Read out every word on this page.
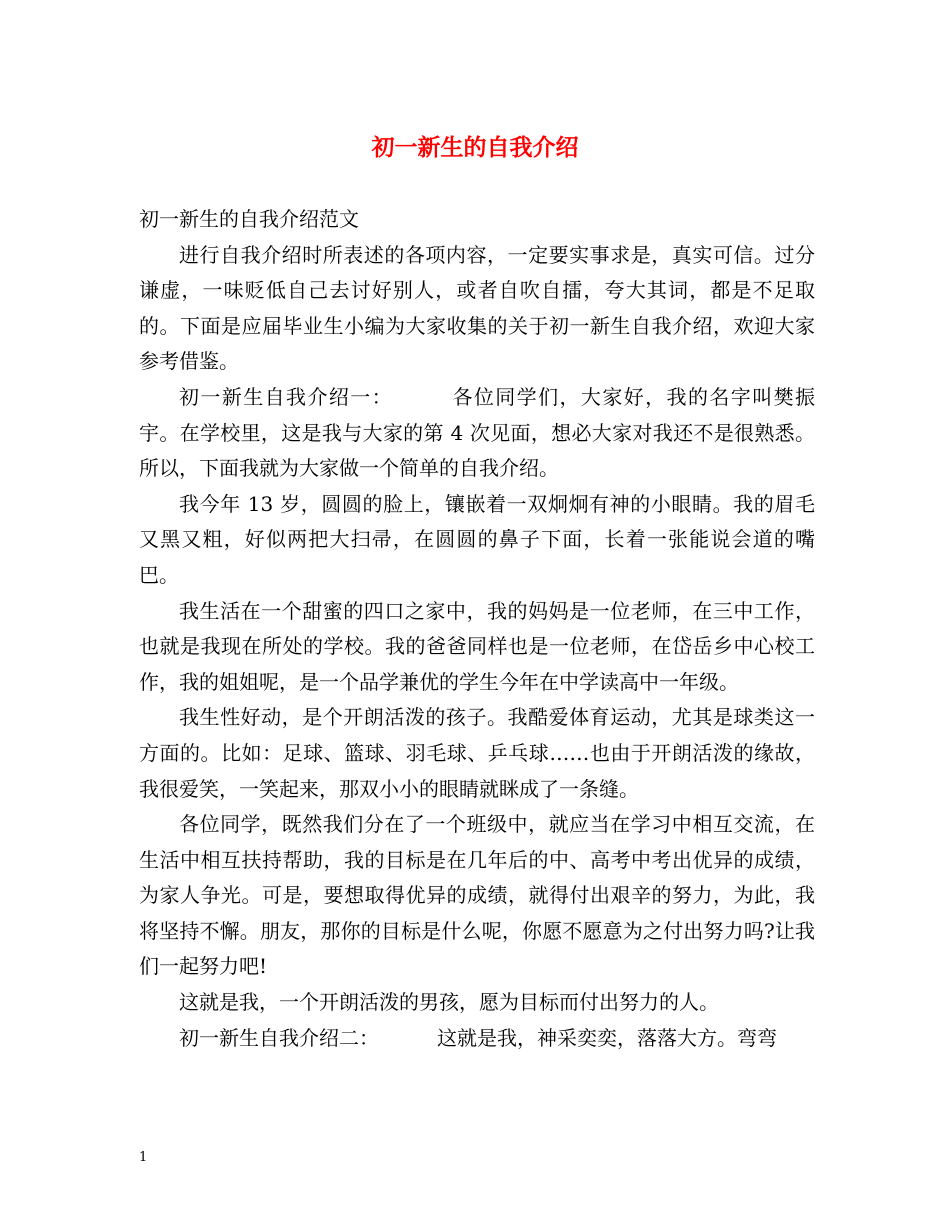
初一新生的自我介绍

初一新生的自我介绍范文

进行自我介绍时所表述的各项内容，一定要实事求是，真实可信。过分谦虚，一味贬低自己去讨好别人，或者自吹自擂，夸大其词，都是不足取的。下面是应届毕业生小编为大家收集的关于初一新生自我介绍，欢迎大家参考借鉴。

初一新生自我介绍一：	各位同学们，大家好，我的名字叫樊振宇。在学校里，这是我与大家的第 4 次见面，想必大家对我还不是很熟悉。所以，下面我就为大家做一个简单的自我介绍。

我今年 13 岁，圆圆的脸上，镶嵌着一双炯炯有神的小眼睛。我的眉毛又黑又粗，好似两把大扫帚，在圆圆的鼻子下面，长着一张能说会道的嘴巴。

我生活在一个甜蜜的四口之家中，我的妈妈是一位老师，在三中工作，也就是我现在所处的学校。我的爸爸同样也是一位老师，在岱岳乡中心校工作，我的姐姐呢，是一个品学兼优的学生今年在中学读高中一年级。

我生性好动，是个开朗活泼的孩子。我酷爱体育运动，尤其是球类这一方面的。比如：足球、篮球、羽毛球、乒乓球……也由于开朗活泼的缘故，我很爱笑，一笑起来，那双小小的眼睛就眯成了一条缝。

各位同学，既然我们分在了一个班级中，就应当在学习中相互交流，在生活中相互扶持帮助，我的目标是在几年后的中、高考中考出优异的成绩，为家人争光。可是，要想取得优异的成绩，就得付出艰辛的努力，为此，我将坚持不懈。朋友，那你的目标是什么呢，你愿不愿意为之付出努力吗?让我们一起努力吧!

这就是我，一个开朗活泼的男孩，愿为目标而付出努力的人。

初一新生自我介绍二：	这就是我，神采奕奕，落落大方。弯弯

1
